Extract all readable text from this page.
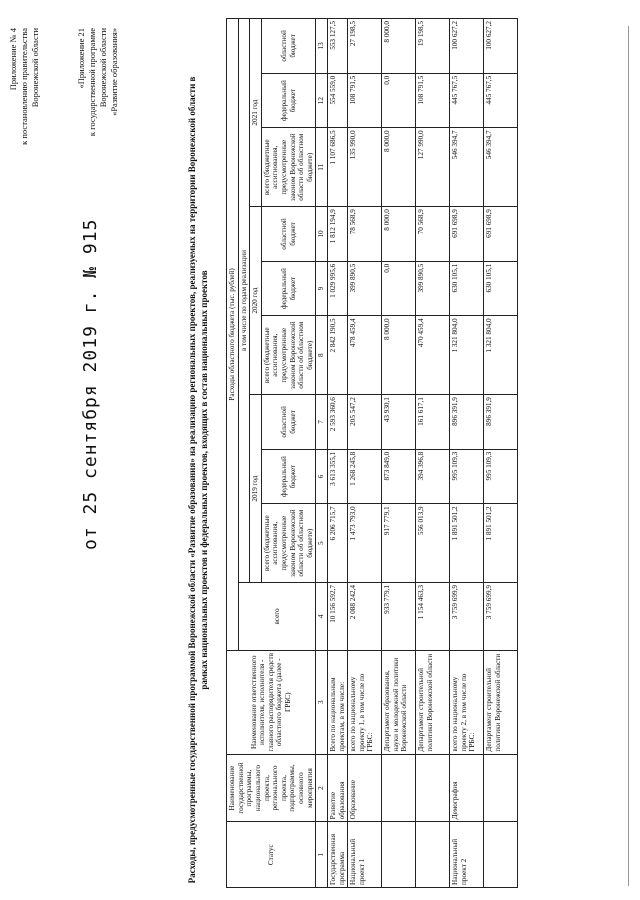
Приложение № 4 к постановлению правительства Воронежской области	«Приложение 21 к государственной программе Воронежской области «Развитие образования»
от 25 сентября 2019 г. № 915	Расходы, предусмотренные государственной программой Воронежской области «Развитие образования» на реализацию региональных проектов, реализуемых на территории Воронежской области в рамках национальных проектов и федеральных проектов, входящих в состав национальных проектов
Статус	Наименование государственной программы, национального проекта, регионального проекта, подпрограммы, основного мероприятия	Наименование ответственного исполнителя, исполнителя - главного распорядителя средств областного бюджета (далее - ГРБС)	Расходы областного бюджета (тыс. рублей)									
			всего	в том числе по годам реализации								
				2019 год			2020 год			2021 год		
				всего (бюджетные ассигнования, предусмотренные законом Воронежской области об областном бюджете)	федеральный бюджет	областной бюджет	всего (бюджетные ассигнования, предусмотренные законом Воронежской области об областном бюджете)	федеральный бюджет	областной бюджет	всего (бюджетные ассигнования, предусмотренные законом Воронежской области об областном бюджете)	федеральный бюджет	областной бюджет
1	2	3	4	5	6	7	8	9	10	11	12	13
Государственная программа	Развитие образования	Всего по национальным проектам, в том числе:	10 156 592,7	6 206 715,7	3 613 355,1	2 593 360,6	2 842 190,5	1 029 995,6	1 812 194,9	1 107 686,5	554 559,0	553 127,5
Национальный проект 1	Образование	всего по национальному проекту 1, в том числе по ГРБС:	2 088 242,4	1 473 793,0	1 268 245,8	205 547,2	478 459,4	399 890,5	78 568,9	135 990,0	108 791,5	27 198,5
		Департамент образования, науки и молодежной политики Воронежской области	933 779,1	917 779,1	873 849,0	43 930,1	8 000,0	0,0	8 000,0	8 000,0	0,0	8 000,0
		Департамент строительной политики Воронежской области	1 154 463,3	556 013,9	394 396,8	161 617,1	470 459,4	399 890,5	70 568,9	127 990,0	108 791,5	19 198,5
Национальный проект 2	Демография	всего по национальному проекту 2, в том числе по ГРБС:	3 759 699,9	1 891 501,2	995 109,3	896 391,9	1 321 804,0	630 105,1	691 698,9	546 394,7	445 767,5	100 627,2
		Департамент строительной политики Воронежской области	3 759 699,9	1 891 501,2	995 109,3	896 391,9	1 321 804,0	630 105,1	691 698,9	546 394,7	445 767,5	100 627,2
